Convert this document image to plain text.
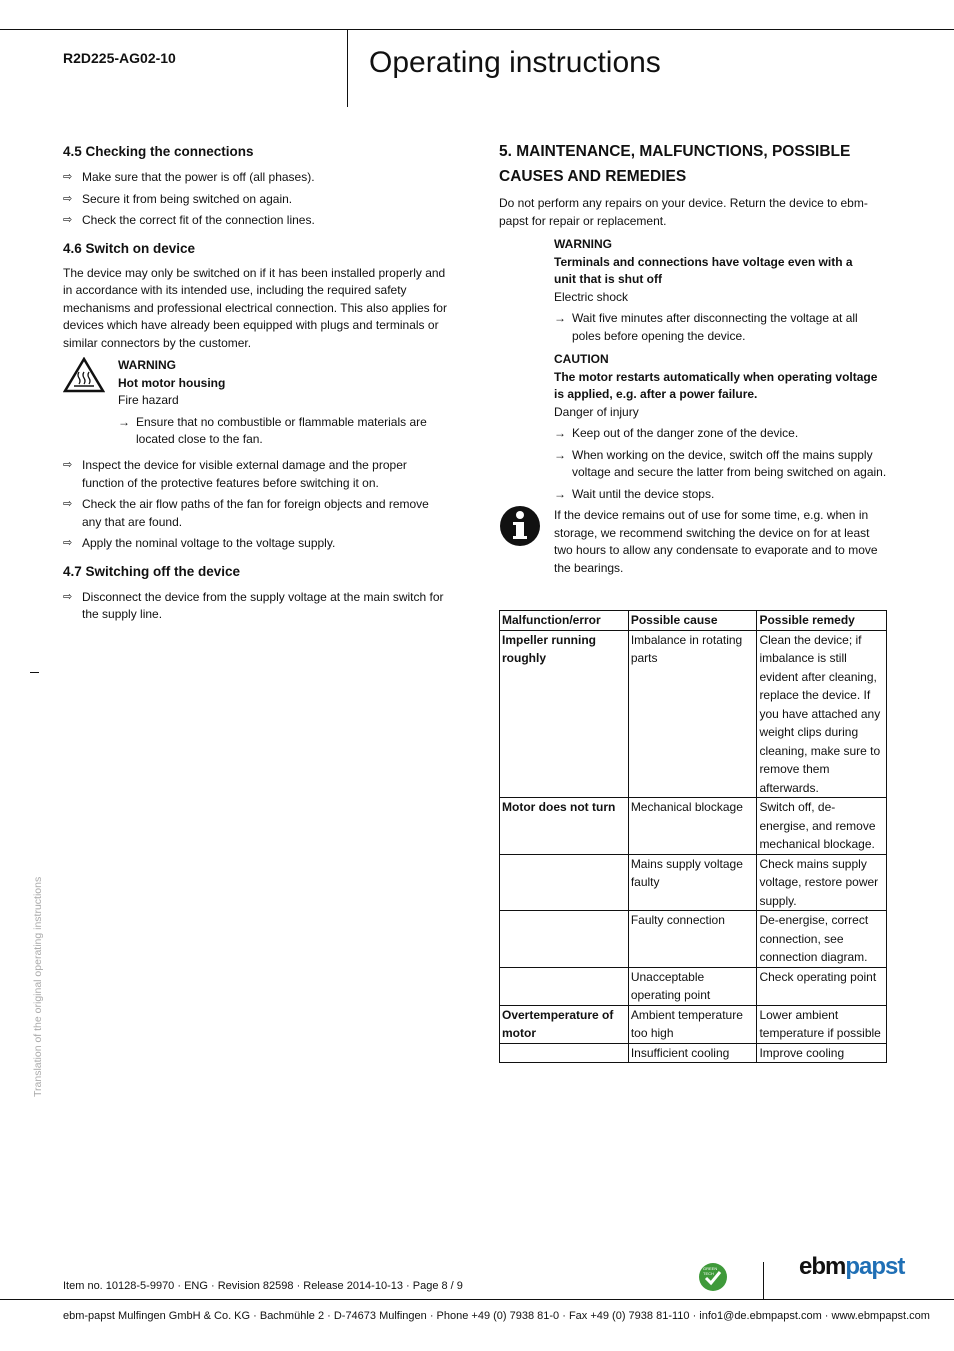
R2D225-AG02-10	Operating instructions
4.5 Checking the connections
⇨ Make sure that the power is off (all phases).
⇨ Secure it from being switched on again.
⇨ Check the correct fit of the connection lines.
4.6 Switch on device

The device may only be switched on if it has been installed properly and in accordance with its intended use, including the required safety mechanisms and professional electrical connection. This also applies for devices which have already been equipped with plugs and terminals or similar connectors by the customer.

WARNING
Hot motor housing
Fire hazard
→ Ensure that no combustible or flammable materials are located close to the fan.
⇨ Inspect the device for visible external damage and the proper function of the protective features before switching it on.
⇨ Check the air flow paths of the fan for foreign objects and remove any that are found.
⇨ Apply the nominal voltage to the voltage supply.
4.7 Switching off the device
⇨ Disconnect the device from the supply voltage at the main switch for the supply line.
5. MAINTENANCE, MALFUNCTIONS, POSSIBLE CAUSES AND REMEDIES

Do not perform any repairs on your device. Return the device to ebm-papst for repair or replacement.

WARNING
Terminals and connections have voltage even with a unit that is shut off
Electric shock
→ Wait five minutes after disconnecting the voltage at all poles before opening the device.
CAUTION
The motor restarts automatically when operating voltage is applied, e.g. after a power failure.
Danger of injury
→ Keep out of the danger zone of the device.
→ When working on the device, switch off the mains supply voltage and secure the latter from being switched on again.
→ Wait until the device stops.

If the device remains out of use for some time, e.g. when in storage, we recommend switching the device on for at least two hours to allow any condensate to evaporate and to move the bearings.

Malfunction/error	Possible cause	Possible remedy
Impeller running roughly	Imbalance in rotating parts	Clean the device; if imbalance is still evident after cleaning, replace the device. If you have attached any weight clips during cleaning, make sure to remove them afterwards.
Motor does not turn	Mechanical blockage	Switch off, de-energise, and remove mechanical blockage.
	Mains supply voltage faulty	Check mains supply voltage, restore power supply.
	Faulty connection	De-energise, correct connection, see connection diagram.
	Unacceptable operating point	Check operating point
Overtemperature of motor	Ambient temperature too high	Lower ambient temperature if possible
	Insufficient cooling	Improve cooling
Translation of the original operating instructions
Item no. 10128-5-9970 · ENG · Revision 82598 · Release 2014-10-13 · Page 8 / 9
GREEN TECH	ebmpapst
ebm-papst Mulfingen GmbH & Co. KG · Bachmühle 2 · D-74673 Mulfingen · Phone +49 (0) 7938 81-0 · Fax +49 (0) 7938 81-110 · info1@de.ebmpapst.com · www.ebmpapst.com
